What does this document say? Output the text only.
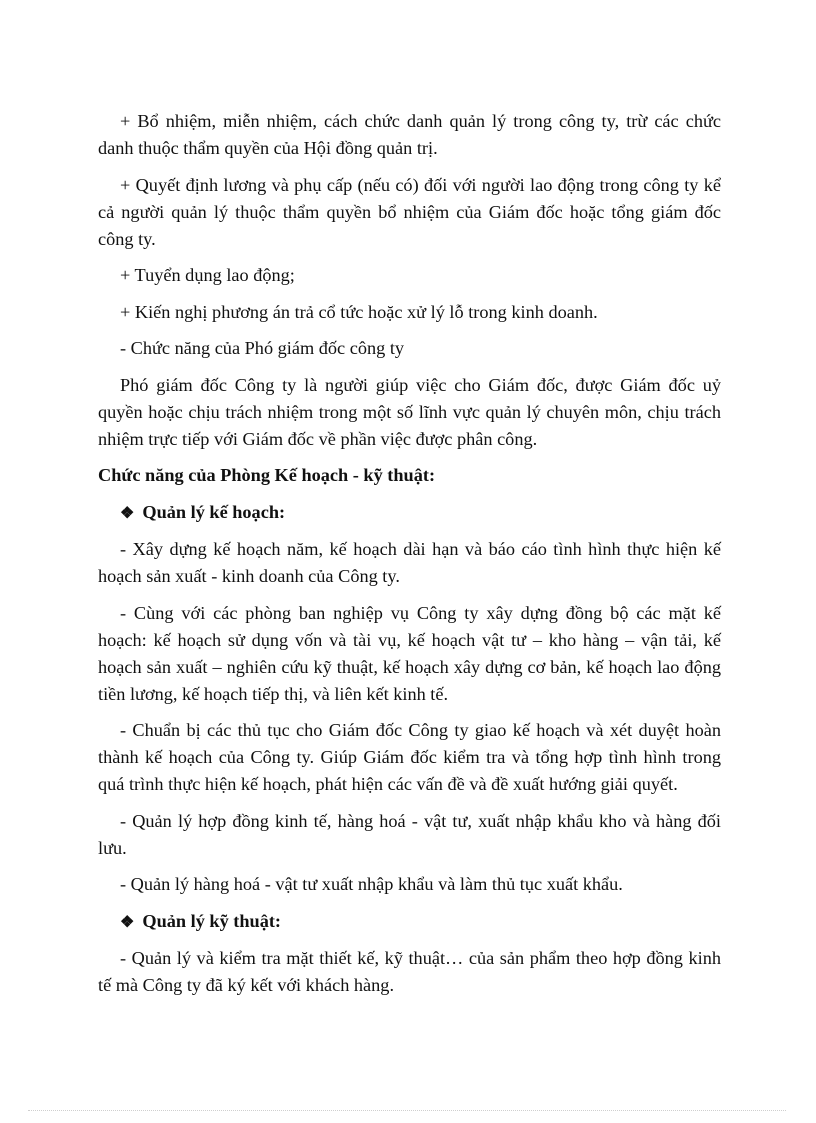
+ Bổ nhiệm, miễn nhiệm, cách chức danh quản lý trong công ty, trừ các chức danh thuộc thẩm quyền của Hội đồng quản trị.

+ Quyết định lương và phụ cấp (nếu có) đối với người lao động trong công ty kể cả người quản lý thuộc thẩm quyền bổ nhiệm của Giám đốc hoặc tổng giám đốc công ty.

+ Tuyển dụng lao động;

+ Kiến nghị phương án trả cổ tức hoặc xử lý lỗ trong kinh doanh.

- Chức năng của Phó giám đốc công ty

Phó giám đốc Công ty là người giúp việc cho Giám đốc, được Giám đốc uỷ quyền hoặc chịu trách nhiệm trong một số lĩnh vực quản lý chuyên môn, chịu trách nhiệm trực tiếp với Giám đốc về phần việc được phân công.

Chức năng của Phòng Kế hoạch - kỹ thuật:

❖ Quản lý kế hoạch:

- Xây dựng kế hoạch năm, kế hoạch dài hạn và báo cáo tình hình thực hiện kế hoạch sản xuất - kinh doanh của Công ty.

- Cùng với các phòng ban nghiệp vụ Công ty xây dựng đồng bộ các mặt kế hoạch: kế hoạch sử dụng vốn và tài vụ, kế hoạch vật tư – kho hàng – vận tải, kế hoạch sản xuất – nghiên cứu kỹ thuật, kế hoạch xây dựng cơ bản, kế hoạch lao động tiền lương, kế hoạch tiếp thị, và liên kết kinh tế.

- Chuẩn bị các thủ tục cho Giám đốc Công ty giao kế hoạch và xét duyệt hoàn thành kế hoạch của Công ty. Giúp Giám đốc kiểm tra và tổng hợp tình hình trong quá trình thực hiện kế hoạch, phát hiện các vấn đề và đề xuất hướng giải quyết.

- Quản lý hợp đồng kinh tế, hàng hoá - vật tư, xuất nhập khẩu kho và hàng đối lưu.

- Quản lý hàng hoá - vật tư xuất nhập khẩu và làm thủ tục xuất khẩu.

❖ Quản lý kỹ thuật:

- Quản lý và kiểm tra mặt thiết kế, kỹ thuật… của sản phẩm theo hợp đồng kinh tế mà Công ty đã ký kết với khách hàng.
